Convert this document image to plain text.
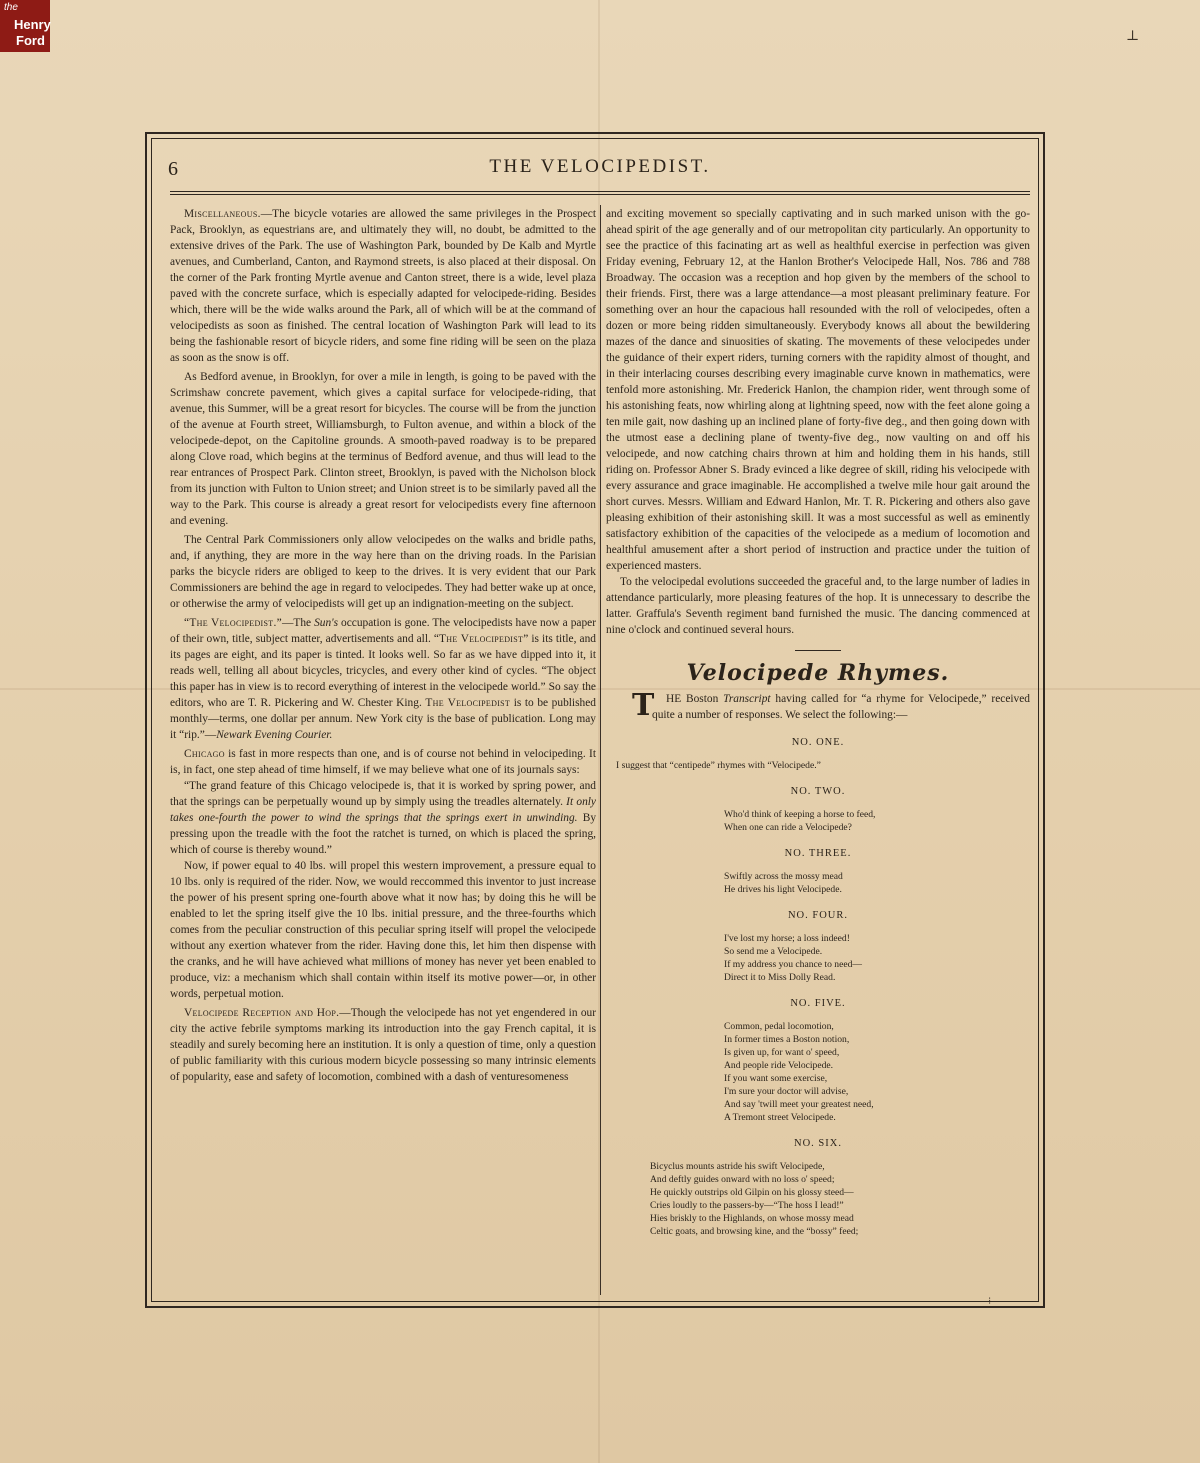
the
Henry
Ford	⊥
6	THE VELOCIPEDIST.

Miscellaneous.—The bicycle votaries are allowed the same privileges in the Prospect Pack, Brooklyn, as equestrians are, and ultimately they will, no doubt, be admitted to the extensive drives of the Park. The use of Washington Park, bounded by De Kalb and Myrtle avenues, and Cumberland, Canton, and Raymond streets, is also placed at their disposal. On the corner of the Park fronting Myrtle avenue and Canton street, there is a wide, level plaza paved with the concrete surface, which is especially adapted for velocipede-riding. Besides which, there will be the wide walks around the Park, all of which will be at the command of velocipedists as soon as finished. The central location of Washington Park will lead to its being the fashionable resort of bicycle riders, and some fine riding will be seen on the plaza as soon as the snow is off.

As Bedford avenue, in Brooklyn, for over a mile in length, is going to be paved with the Scrimshaw concrete pavement, which gives a capital surface for velocipede-riding, that avenue, this Summer, will be a great resort for bicycles. The course will be from the junction of the avenue at Fourth street, Williamsburgh, to Fulton avenue, and within a block of the velocipede-depot, on the Capitoline grounds. A smooth-paved roadway is to be prepared along Clove road, which begins at the terminus of Bedford avenue, and thus will lead to the rear entrances of Prospect Park. Clinton street, Brooklyn, is paved with the Nicholson block from its junction with Fulton to Union street; and Union street is to be similarly paved all the way to the Park. This course is already a great resort for velocipedists every fine afternoon and evening.

The Central Park Commissioners only allow velocipedes on the walks and bridle paths, and, if anything, they are more in the way here than on the driving roads. In the Parisian parks the bicycle riders are obliged to keep to the drives. It is very evident that our Park Commissioners are behind the age in regard to velocipedes. They had better wake up at once, or otherwise the army of velocipedists will get up an indignation-meeting on the subject.

“The Velocipedist.”—The Sun's occupation is gone. The velocipedists have now a paper of their own, title, subject matter, advertisements and all. “The Velocipedist” is its title, and its pages are eight, and its paper is tinted. It looks well. So far as we have dipped into it, it reads well, telling all about bicycles, tricycles, and every other kind of cycles. “The object this paper has in view is to record everything of interest in the velocipede world.” So say the editors, who are T. R. Pickering and W. Chester King. The Velocipedist is to be published monthly—terms, one dollar per annum. New York city is the base of publication. Long may it “rip.”—Newark Evening Courier.

Chicago is fast in more respects than one, and is of course not behind in velocipeding. It is, in fact, one step ahead of time himself, if we may believe what one of its journals says:

“The grand feature of this Chicago velocipede is, that it is worked by spring power, and that the springs can be perpetually wound up by simply using the treadles alternately. It only takes one-fourth the power to wind the springs that the springs exert in unwinding. By pressing upon the treadle with the foot the ratchet is turned, on which is placed the spring, which of course is thereby wound.”

Now, if power equal to 40 lbs. will propel this western improvement, a pressure equal to 10 lbs. only is required of the rider. Now, we would reccommed this inventor to just increase the power of his present spring one-fourth above what it now has; by doing this he will be enabled to let the spring itself give the 10 lbs. initial pressure, and the three-fourths which comes from the peculiar construction of this peculiar spring itself will propel the velocipede without any exertion whatever from the rider. Having done this, let him then dispense with the cranks, and he will have achieved what millions of money has never yet been enabled to produce, viz: a mechanism which shall contain within itself its motive power—or, in other words, perpetual motion.

Velocipede Reception and Hop.—Though the velocipede has not yet engendered in our city the active febrile symptoms marking its introduction into the gay French capital, it is steadily and surely becoming here an institution. It is only a question of time, only a question of public familiarity with this curious modern bicycle possessing so many intrinsic elements of popularity, ease and safety of locomotion, combined with a dash of venturesomeness

and exciting movement so specially captivating and in such marked unison with the go-ahead spirit of the age generally and of our metropolitan city particularly. An opportunity to see the practice of this facinating art as well as healthful exercise in perfection was given Friday evening, February 12, at the Hanlon Brother's Velocipede Hall, Nos. 786 and 788 Broadway. The occasion was a reception and hop given by the members of the school to their friends. First, there was a large attendance—a most pleasant preliminary feature. For something over an hour the capacious hall resounded with the roll of velocipedes, often a dozen or more being ridden simultaneously. Everybody knows all about the bewildering mazes of the dance and sinuosities of skating. The movements of these velocipedes under the guidance of their expert riders, turning corners with the rapidity almost of thought, and in their interlacing courses describing every imaginable curve known in mathematics, were tenfold more astonishing. Mr. Frederick Hanlon, the champion rider, went through some of his astonishing feats, now whirling along at lightning speed, now with the feet alone going a ten mile gait, now dashing up an inclined plane of forty-five deg., and then going down with the utmost ease a declining plane of twenty-five deg., now vaulting on and off his velocipede, and now catching chairs thrown at him and holding them in his hands, still riding on. Professor Abner S. Brady evinced a like degree of skill, riding his velocipede with every assurance and grace imaginable. He accomplished a twelve mile hour gait around the short curves. Messrs. William and Edward Hanlon, Mr. T. R. Pickering and others also gave pleasing exhibition of their astonishing skill. It was a most successful as well as eminently satisfactory exhibition of the capacities of the velocipede as a medium of locomotion and healthful amusement after a short period of instruction and practice under the tuition of experienced masters.

To the velocipedal evolutions succeeded the graceful and, to the large number of ladies in attendance particularly, more pleasing features of the hop. It is unnecessary to describe the latter. Graffula's Seventh regiment band furnished the music. The dancing commenced at nine o'clock and continued several hours.

Velocipede Rhymes.

T HE Boston Transcript having called for “a rhyme for Velocipede,” received quite a number of responses. We select the following:—

NO. ONE.
I suggest that “centipede” rhymes with “Velocipede.”
NO. TWO.
Who'd think of keeping a horse to feed,
When one can ride a Velocipede?
NO. THREE.
Swiftly across the mossy mead
He drives his light Velocipede.
NO. FOUR.
I've lost my horse; a loss indeed!
So send me a Velocipede.
If my address you chance to need—
Direct it to Miss Dolly Read.
NO. FIVE.
Common, pedal locomotion,
In former times a Boston notion,
Is given up, for want o' speed,
And people ride Velocipede.
If you want some exercise,
I'm sure your doctor will advise,
And say 'twill meet your greatest need,
A Tremont street Velocipede.
NO. SIX.
Bicyclus mounts astride his swift Velocipede,
And deftly guides onward with no loss o' speed;
He quickly outstrips old Gilpin on his glossy steed—
Cries loudly to the passers-by—“The hoss I lead!”
Hies briskly to the Highlands, on whose mossy mead
Celtic goats, and browsing kine, and the “bossy” feed;
⁝
